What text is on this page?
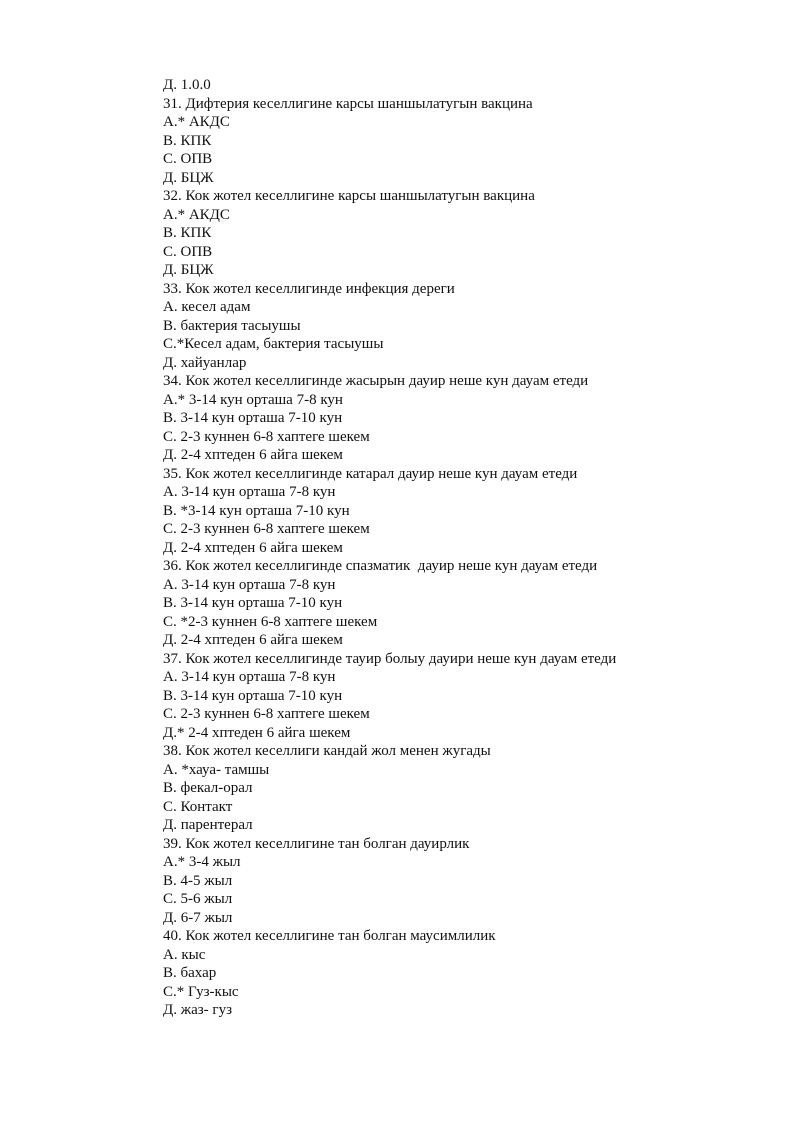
Д. 1.0.0

31. Дифтерия кеселлигине карсы шаншылатугын вакцина

А.* АКДС

В. КПК

С. ОПВ

Д. БЦЖ

32. Кок жотел кеселлигине карсы шаншылатугын вакцина

А.* АКДС

В. КПК

С. ОПВ

Д. БЦЖ

33. Кок жотел кеселлигинде инфекция дереги

А. кесел адам

В. бактерия тасыушы

С.*Кесел адам, бактерия тасыушы

Д. хайуанлар

34. Кок жотел кеселлигинде жасырын дауир неше кун дауам етеди

А.* 3-14 кун орташа 7-8 кун

В. 3-14 кун орташа 7-10 кун

С. 2-3 куннен 6-8 хаптеге шекем

Д. 2-4 хптеден 6 айга шекем

35. Кок жотел кеселлигинде катарал дауир неше кун дауам етеди

А. 3-14 кун орташа 7-8 кун

В. *3-14 кун орташа 7-10 кун

С. 2-3 куннен 6-8 хаптеге шекем

Д. 2-4 хптеден 6 айга шекем

36. Кок жотел кеселлигинде спазматик  дауир неше кун дауам етеди

А. 3-14 кун орташа 7-8 кун

В. 3-14 кун орташа 7-10 кун

С. *2-3 куннен 6-8 хаптеге шекем

Д. 2-4 хптеден 6 айга шекем

37. Кок жотел кеселлигинде тауир болыу дауири неше кун дауам етеди

А. 3-14 кун орташа 7-8 кун

В. 3-14 кун орташа 7-10 кун

С. 2-3 куннен 6-8 хаптеге шекем

Д.* 2-4 хптеден 6 айга шекем

38. Кок жотел кеселлиги кандай жол менен жугады

А. *хауа- тамшы

В. фекал-орал

С. Контакт

Д. парентерал

39. Кок жотел кеселлигине тан болган дауирлик

А.* 3-4 жыл

В. 4-5 жыл

С. 5-6 жыл

Д. 6-7 жыл

40. Кок жотел кеселлигине тан болган маусимлилик

А. кыс

В. бахар

С.* Гуз-кыс

Д. жаз- гуз
